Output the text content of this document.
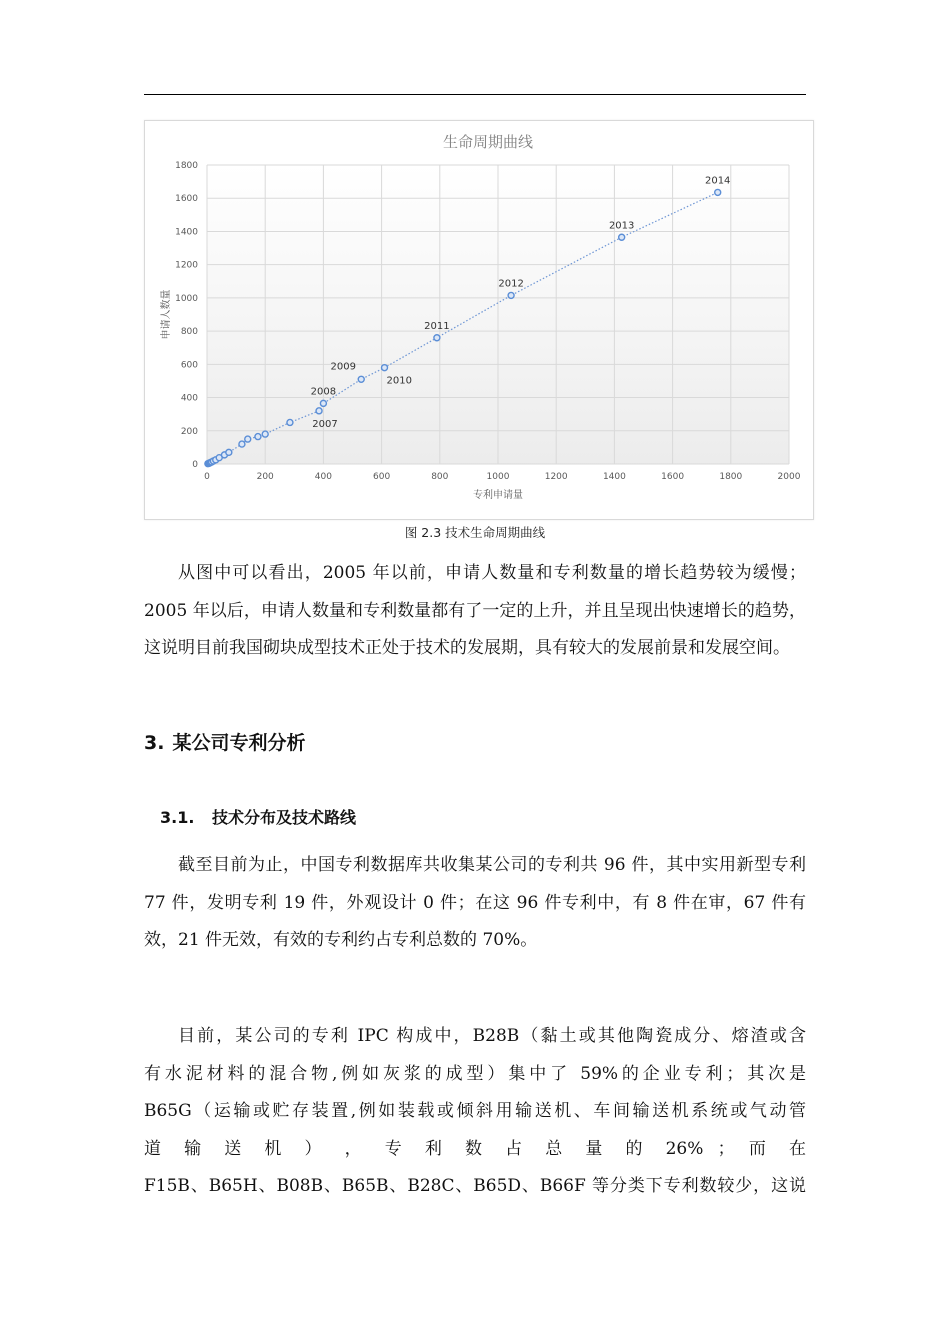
0	200	400	600	800	1000	1200	1400	1600	1800	2000
0
200
400
600
800
1000
1200
1400
1600
1800
生命周期曲线
专利申请量
申请人数量
2007
2008
2009
2010
2011
2012
2013
2014
图 2.3 技术生命周期曲线

从图中可以看出，2005 年以前，申请人数量和专利数量的增长趋势较为缓慢；2005 年以后，申请人数量和专利数量都有了一定的上升，并且呈现出快速增长的趋势，这说明目前我国砌块成型技术正处于技术的发展期，具有较大的发展前景和发展空间。

3. 某公司专利分析
3.1. 技术分布及技术路线

截至目前为止，中国专利数据库共收集某公司的专利共 96 件，其中实用新型专利 77 件，发明专利 19 件，外观设计 0 件；在这 96 件专利中，有 8 件在审，67 件有效，21 件无效，有效的专利约占专利总数的 70%。

目前，某公司的专利 IPC 构成中，B28B（黏土或其他陶瓷成分、熔渣或含
有水泥材料的混合物,例如灰浆的成型）集中了 59%的企业专利；其次是
B65G（运输或贮存装置,例如装载或倾斜用输送机、车间输送机系统或气动管
道 输 送 机 ） ， 专 利 数 占 总 量 的 26% ； 而 在
F15B、B65H、B08B、B65B、B28C、B65D、B66F 等分类下专利数较少，这说
